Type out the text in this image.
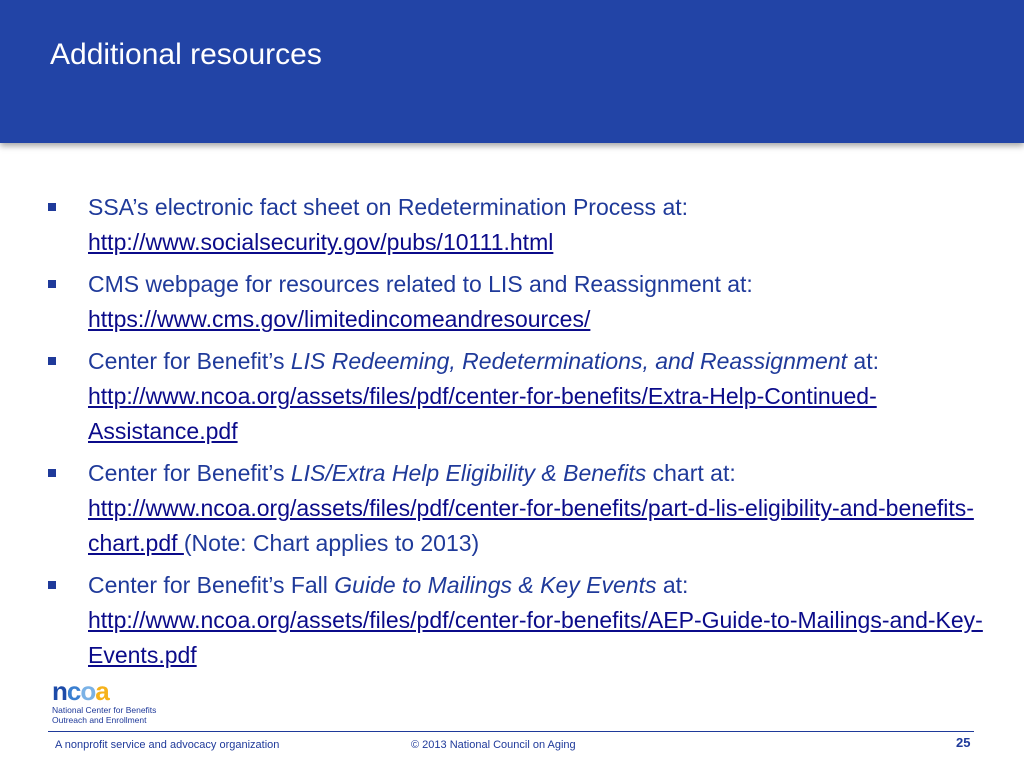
Additional resources
SSA’s electronic fact sheet on Redetermination Process at: http://www.socialsecurity.gov/pubs/10111.html
CMS webpage for resources related to LIS and Reassignment at: https://www.cms.gov/limitedincomeandresources/
Center for Benefit’s LIS Redeeming, Redeterminations, and Reassignment at: http://www.ncoa.org/assets/files/pdf/center-for-benefits/Extra-Help-Continued-Assistance.pdf
Center for Benefit’s LIS/Extra Help Eligibility & Benefits chart at: http://www.ncoa.org/assets/files/pdf/center-for-benefits/part-d-lis-eligibility-and-benefits-chart.pdf (Note: Chart applies to 2013)
Center for Benefit’s Fall Guide to Mailings & Key Events at: http://www.ncoa.org/assets/files/pdf/center-for-benefits/AEP-Guide-to-Mailings-and-Key-Events.pdf
n c o a
National Center for Benefits
Outreach and Enrollment
A nonprofit service and advocacy organization	© 2013 National Council on Aging	25
